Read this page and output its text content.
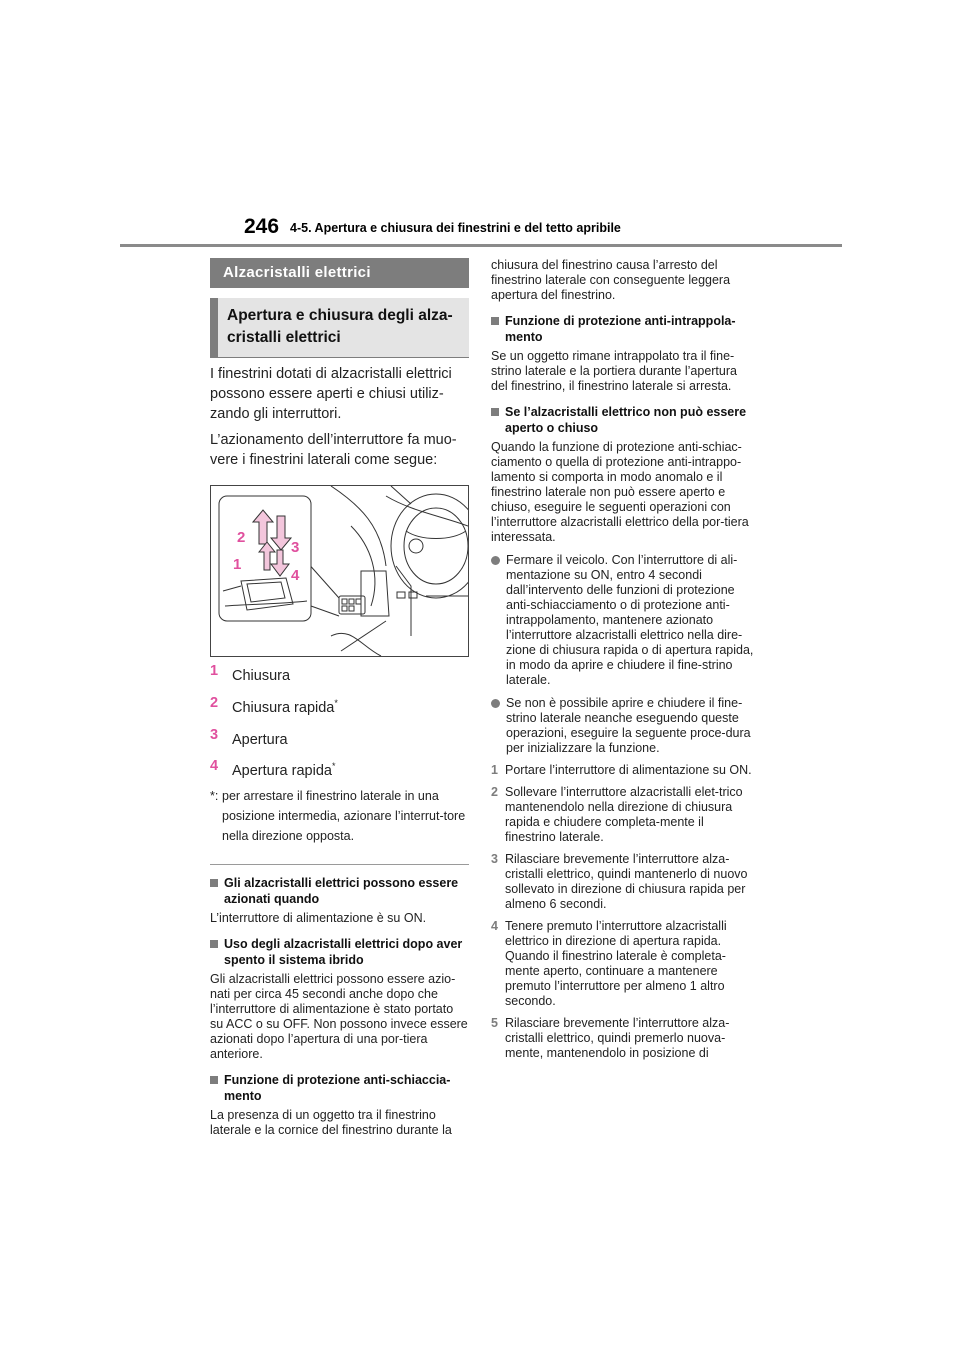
246 4-5. Apertura e chiusura dei finestrini e del tetto apribile
Alzacristalli elettrici
Apertura e chiusura degli alza-cristalli elettrici

I finestrini dotati di alzacristalli elettrici possono essere aperti e chiusi utiliz-zando gli interruttori.

L’azionamento dell’interruttore fa muo-vere i finestrini laterali come segue:

1
2
3
4
1 Chiusura
2 Chiusura rapida*
3 Apertura
4 Apertura rapida*
*: per arrestare il finestrino laterale in una posizione intermedia, azionare l’interrut-tore nella direzione opposta.
Gli alzacristalli elettrici possono essere azionati quando
L’interruttore di alimentazione è su ON.
Uso degli alzacristalli elettrici dopo aver spento il sistema ibrido
Gli alzacristalli elettrici possono essere azio-nati per circa 45 secondi anche dopo che l’interruttore di alimentazione è stato portato su ACC o su OFF. Non possono invece essere azionati dopo l’apertura di una por-tiera anteriore.
Funzione di protezione anti-schiaccia-mento
La presenza di un oggetto tra il finestrino laterale e la cornice del finestrino durante la
chiusura del finestrino causa l’arresto del finestrino laterale con conseguente leggera apertura del finestrino.
Funzione di protezione anti-intrappola-mento
Se un oggetto rimane intrappolato tra il fine-strino laterale e la portiera durante l’apertura del finestrino, il finestrino laterale si arresta.
Se l’alzacristalli elettrico non può essere aperto o chiuso
Quando la funzione di protezione anti-schiac-ciamento o quella di protezione anti-intrappo-lamento si comporta in modo anomalo e il finestrino laterale non può essere aperto e chiuso, eseguire le seguenti operazioni con l’interruttore alzacristalli elettrico della por-tiera interessata.
Fermare il veicolo. Con l’interruttore di ali-mentazione su ON, entro 4 secondi dall’intervento delle funzioni di protezione anti-schiacciamento o di protezione anti-intrappolamento, mantenere azionato l’interruttore alzacristalli elettrico nella dire-zione di chiusura rapida o di apertura rapida, in modo da aprire e chiudere il fine-strino laterale.
Se non è possibile aprire e chiudere il fine-strino laterale neanche eseguendo queste operazioni, eseguire la seguente proce-dura per inizializzare la funzione.
1 Portare l’interruttore di alimentazione su ON.
2 Sollevare l’interruttore alzacristalli elet-trico mantenendolo nella direzione di chiusura rapida e chiudere completa-mente il finestrino laterale.
3 Rilasciare brevemente l’interruttore alza-cristalli elettrico, quindi mantenerlo di nuovo sollevato in direzione di chiusura rapida per almeno 6 secondi.
4 Tenere premuto l’interruttore alzacristalli elettrico in direzione di apertura rapida. Quando il finestrino laterale è completa-mente aperto, continuare a mantenere premuto l’interruttore per almeno 1 altro secondo.
5 Rilasciare brevemente l’interruttore alza-cristalli elettrico, quindi premerlo nuova-mente, mantenendolo in posizione di
